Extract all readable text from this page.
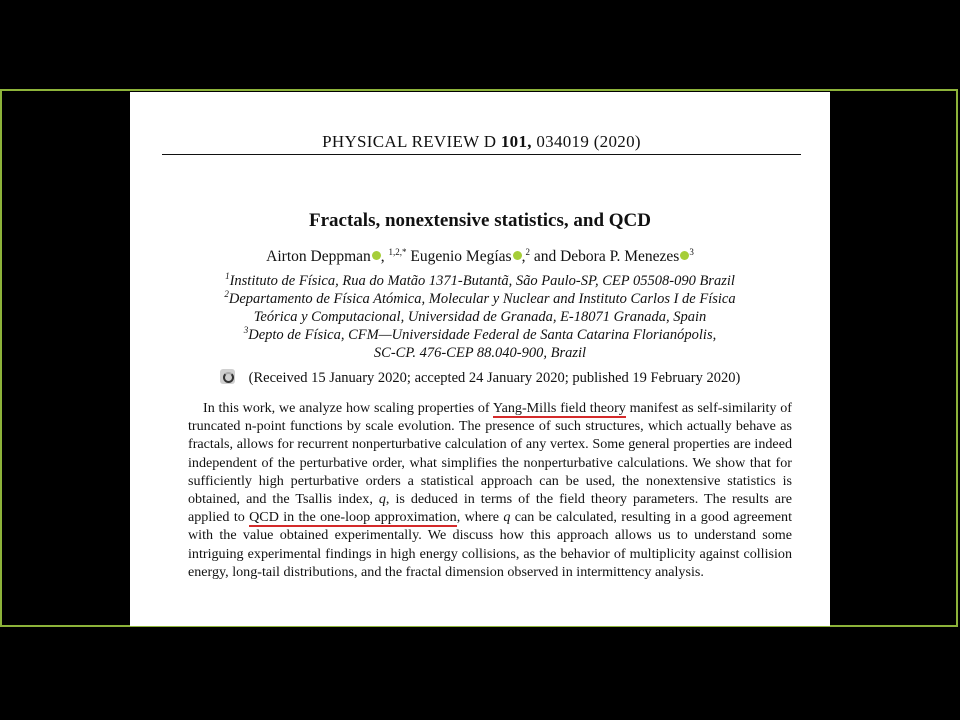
PHYSICAL REVIEW D 101, 034019 (2020)
Fractals, nonextensive statistics, and QCD
Airton Deppman , $^{1,2,*}$ Eugenio Megías ,$^2$ and Debora P. Menezes $^3$
$^1$Instituto de Física, Rua do Matão 1371-Butantã, São Paulo-SP, CEP 05508-090 Brazil
$^2$Departamento de Física Atómica, Molecular y Nuclear and Instituto Carlos I de Física
Teórica y Computacional, Universidad de Granada, E-18071 Granada, Spain
$^3$Depto de Física, CFM—Universidade Federal de Santa Catarina Florianópolis,
SC-CP. 476-CEP 88.040-900, Brazil
(Received 15 January 2020; accepted 24 January 2020; published 19 February 2020)
In this work, we analyze how scaling properties of Yang-Mills field theory manifest as self-similarity of truncated n-point functions by scale evolution. The presence of such structures, which actually behave as fractals, allows for recurrent nonperturbative calculation of any vertex. Some general properties are indeed independent of the perturbative order, what simplifies the nonperturbative calculations. We show that for sufficiently high perturbative orders a statistical approach can be used, the nonextensive statistics is obtained, and the Tsallis index, q, is deduced in terms of the field theory parameters. The results are applied to QCD in the one-loop approximation, where q can be calculated, resulting in a good agreement with the value obtained experimentally. We discuss how this approach allows us to understand some intriguing experimental findings in high energy collisions, as the behavior of multiplicity against collision energy, long-tail distributions, and the fractal dimension observed in intermittency analysis.
